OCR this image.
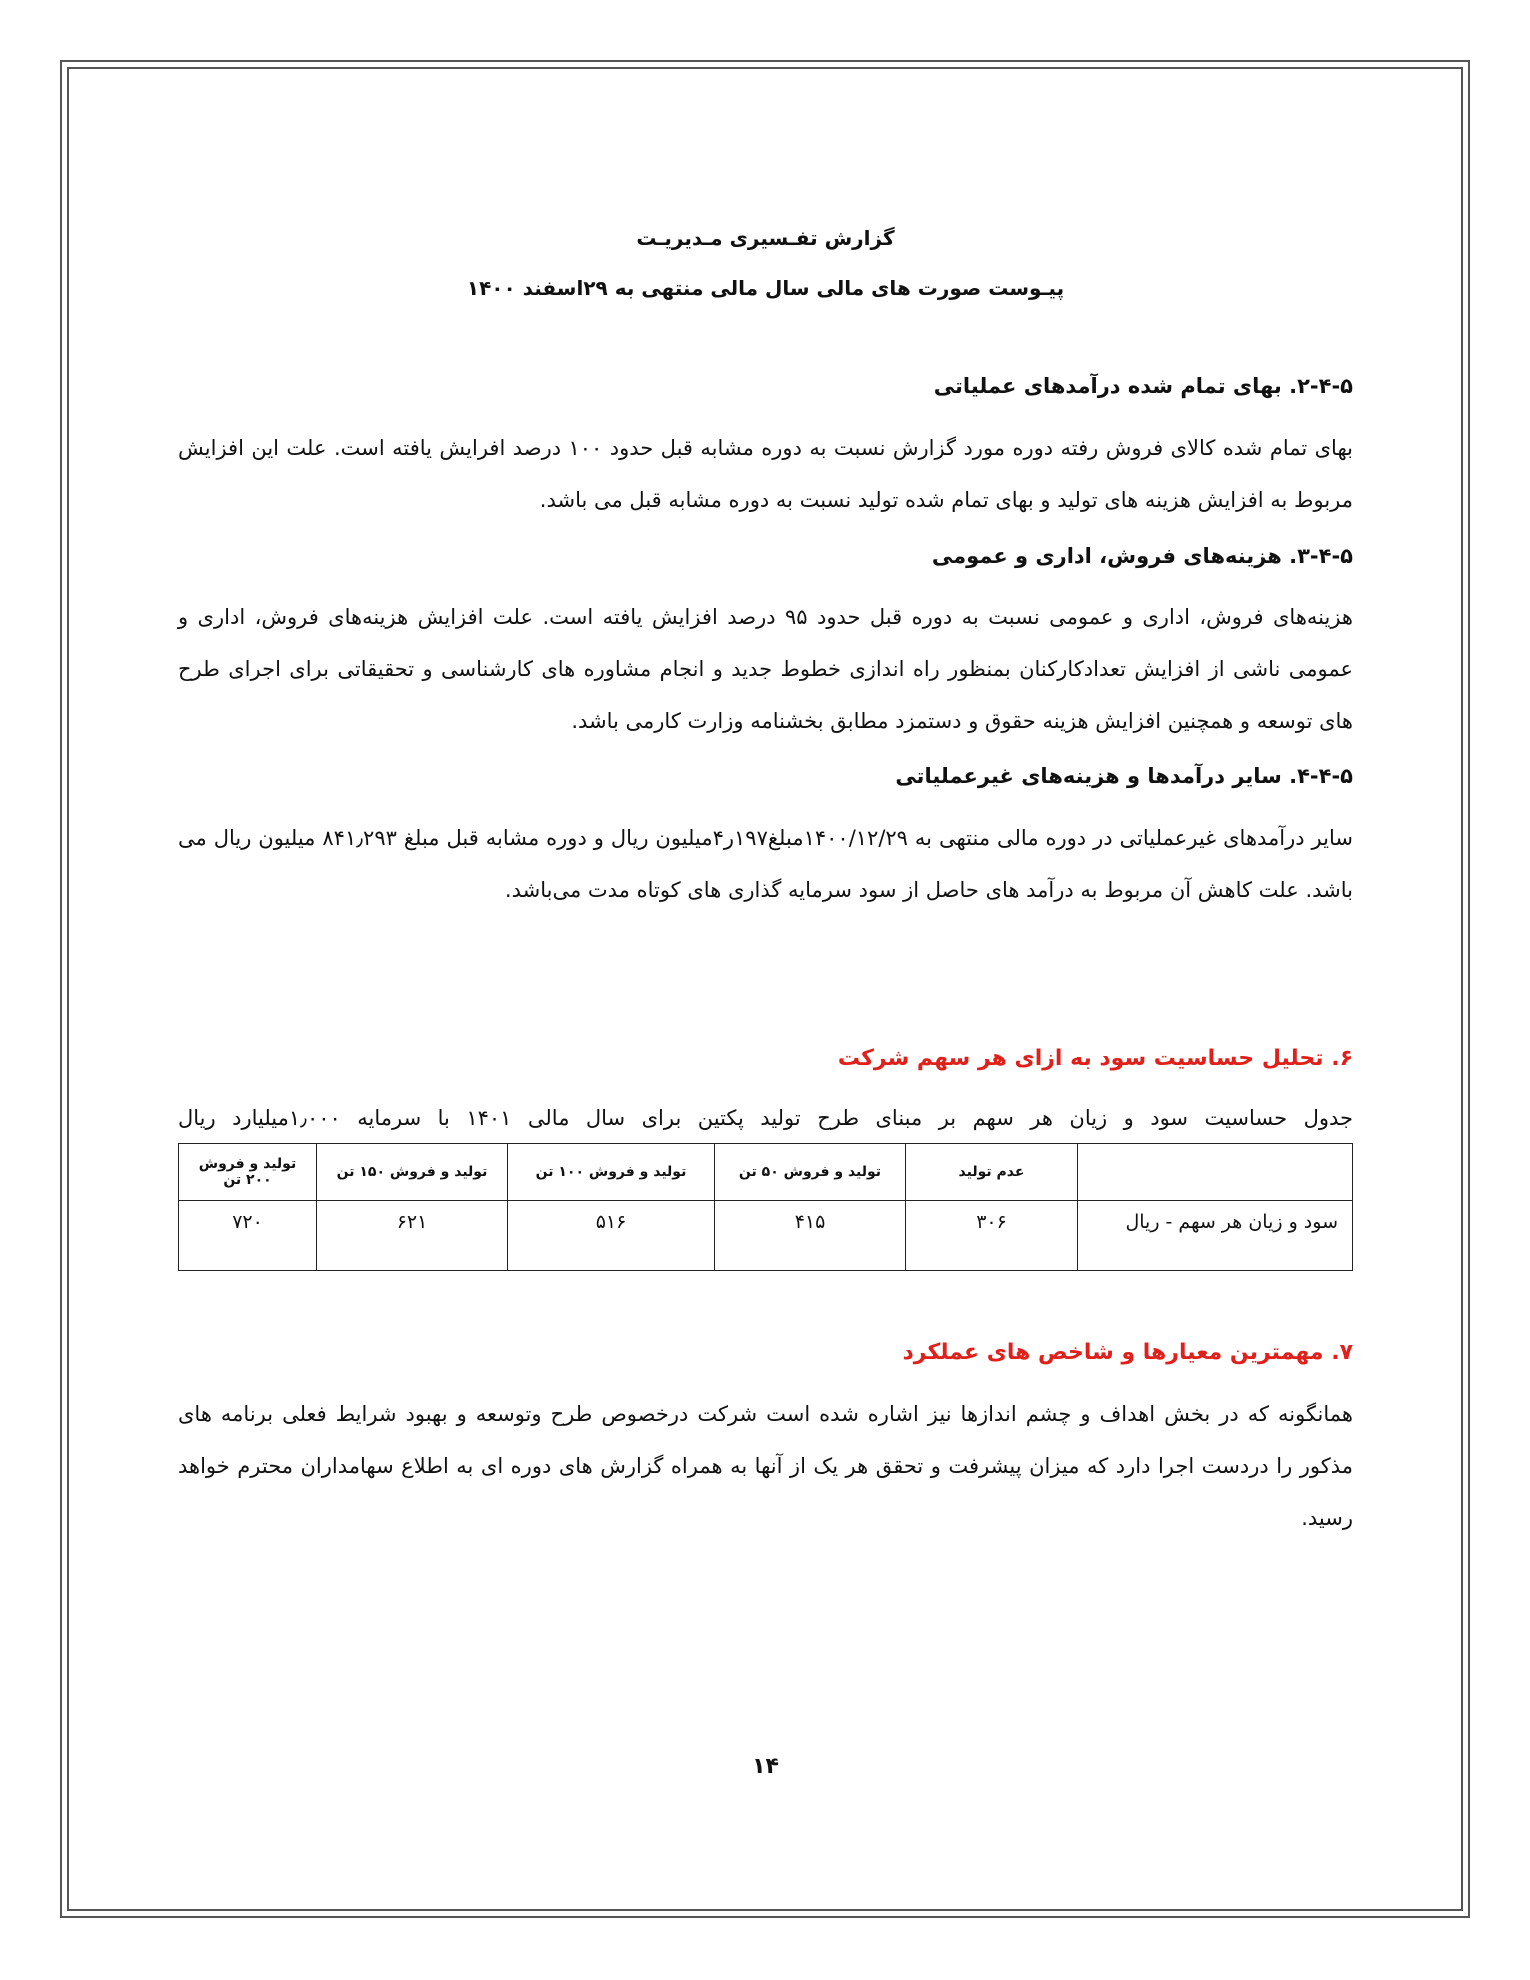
گزارش تفـسیری مـدیریـت
پیـوست صورت های مالی سال مالی منتهی به ۲۹اسفند ۱۴۰۰
۲-۴-۵. بهای تمام شده درآمدهای عملیاتی
بهای تمام شده کالای فروش رفته دوره مورد گزارش نسبت به دوره مشابه قبل حدود ۱۰۰ درصد افرایش یافته است. علت این افزایش مربوط به افزایش هزینه های تولید و بهای تمام شده تولید نسبت به دوره مشابه قبل می باشد.
۳-۴-۵. هزینه‌های فروش، اداری و عمومی
هزینه‌های فروش، اداری و عمومی نسبت به دوره قبل حدود ۹۵ درصد افزایش یافته است. علت افزایش هزینه‌های فروش، اداری و عمومی ناشی از افزایش تعدادکارکنان بمنظور راه اندازی خطوط جدید و انجام مشاوره های کارشناسی و تحقیقاتی برای اجرای طرح های توسعه و همچنین افزایش هزینه حقوق و دستمزد مطابق بخشنامه وزارت کارمی باشد.
۴-۴-۵. سایر درآمدها و هزینه‌های غیرعملیاتی
سایر درآمدهای غیرعملیاتی در دوره مالی منتهی به ۱۴۰۰/۱۲/۲۹مبلغ۱۹۷ر۴میلیون ریال و دوره مشابه قبل مبلغ ۸۴۱٫۲۹۳ میلیون ریال می باشد. علت کاهش آن مربوط به درآمد های حاصل از سود سرمایه گذاری های کوتاه مدت می‌باشد.
۶. تحلیل حساسیت سود به ازای هر سهم شرکت
جدول حساسیت سود و زیان هر سهم بر مبنای طرح تولید پکتین برای سال مالی ۱۴۰۱ با سرمایه ۱٫۰۰۰میلیارد ریال
	عدم تولید	تولید و فروش ۵۰ تن	تولید و فروش ۱۰۰ تن	تولید و فروش ۱۵۰ تن	تولید و فروش ۲۰۰ تن
سود و زیان هر سهم - ریال	۳۰۶	۴۱۵	۵۱۶	۶۲۱	۷۲۰
۷. مهمترین معیارها و شاخص های عملکرد
همانگونه که در بخش اهداف و چشم اندازها نیز اشاره شده است شرکت درخصوص طرح وتوسعه و بهبود شرایط فعلی برنامه های مذکور را دردست اجرا دارد که میزان پیشرفت و تحقق هر یک از آنها به همراه گزارش های دوره ای به اطلاع سهامداران محترم خواهد رسید.
۱۴
